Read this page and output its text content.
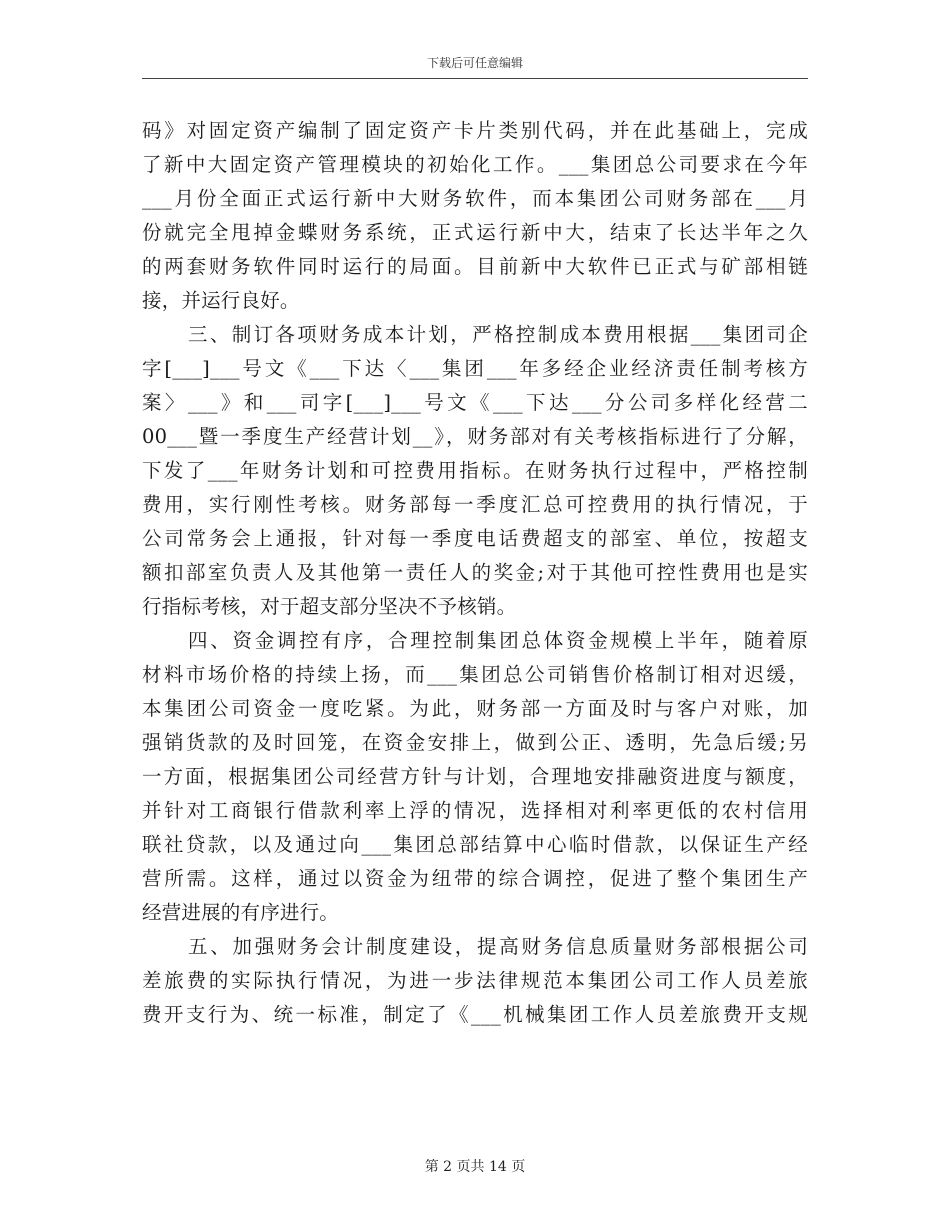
下载后可任意编辑
码》对固定资产编制了固定资产卡片类别代码，并在此基础上，完成
了新中大固定资产管理模块的初始化工作。___集团总公司要求在今年
___月份全面正式运行新中大财务软件，而本集团公司财务部在___月
份就完全甩掉金蝶财务系统，正式运行新中大，结束了长达半年之久
的两套财务软件同时运行的局面。目前新中大软件已正式与矿部相链
接，并运行良好。
三、制订各项财务成本计划，严格控制成本费用根据___集团司企
字[___]___号文《___下达〈___集团___年多经企业经济责任制考核方
案〉___》和___司字[___]___号文《___下达___分公司多样化经营二
00___暨一季度生产经营计划__》，财务部对有关考核指标进行了分解，
下发了___年财务计划和可控费用指标。在财务执行过程中，严格控制
费用，实行刚性考核。财务部每一季度汇总可控费用的执行情况，于
公司常务会上通报，针对每一季度电话费超支的部室、单位，按超支
额扣部室负责人及其他第一责任人的奖金;对于其他可控性费用也是实
行指标考核，对于超支部分坚决不予核销。
四、资金调控有序，合理控制集团总体资金规模上半年，随着原
材料市场价格的持续上扬，而___集团总公司销售价格制订相对迟缓，
本集团公司资金一度吃紧。为此，财务部一方面及时与客户对账，加
强销货款的及时回笼，在资金安排上，做到公正、透明，先急后缓;另
一方面，根据集团公司经营方针与计划，合理地安排融资进度与额度，
并针对工商银行借款利率上浮的情况，选择相对利率更低的农村信用
联社贷款，以及通过向___集团总部结算中心临时借款，以保证生产经
营所需。这样，通过以资金为纽带的综合调控，促进了整个集团生产
经营进展的有序进行。
五、加强财务会计制度建设，提高财务信息质量财务部根据公司
差旅费的实际执行情况，为进一步法律规范本集团公司工作人员差旅
费开支行为、统一标准，制定了《___机械集团工作人员差旅费开支规
第 2 页共 14 页
